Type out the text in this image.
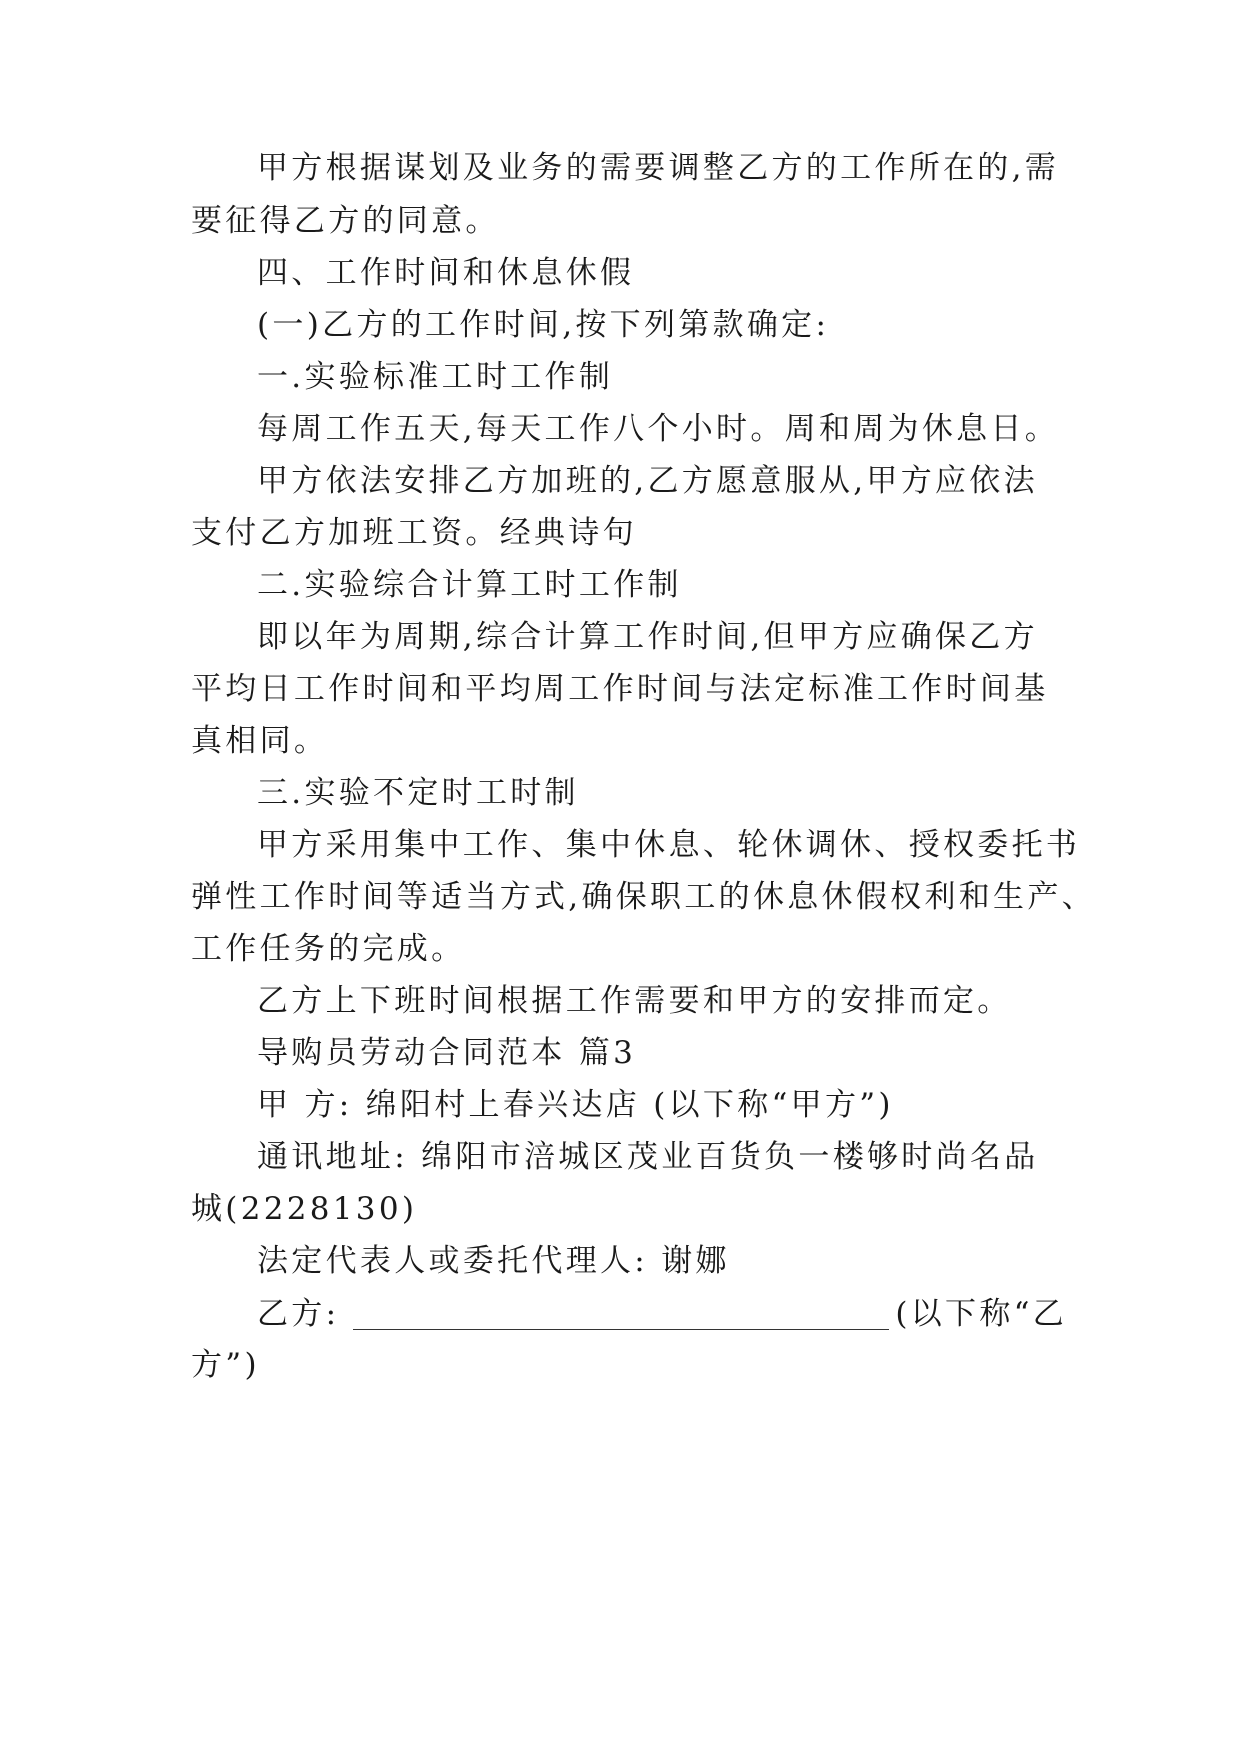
甲方根据谋划及业务的需要调整乙方的工作所在的,需
要征得乙方的同意。
四、工作时间和休息休假
(一)乙方的工作时间,按下列第款确定:
一.实验标准工时工作制
每周工作五天,每天工作八个小时。周和周为休息日。
甲方依法安排乙方加班的,乙方愿意服从,甲方应依法
支付乙方加班工资。经典诗句
二.实验综合计算工时工作制
即以年为周期,综合计算工作时间,但甲方应确保乙方
平均日工作时间和平均周工作时间与法定标准工作时间基
真相同。
三.实验不定时工时制
甲方采用集中工作、集中休息、轮休调休、授权委托书
弹性工作时间等适当方式,确保职工的休息休假权利和生产、
工作任务的完成。
乙方上下班时间根据工作需要和甲方的安排而定。
导购员劳动合同范本 篇3
甲 方: 绵阳村上春兴达店 (以下称“甲方”)
通讯地址: 绵阳市涪城区茂业百货负一楼够时尚名品
城(2228130)
法定代表人或委托代理人: 谢娜
乙方:	(以下称“乙
方”)
